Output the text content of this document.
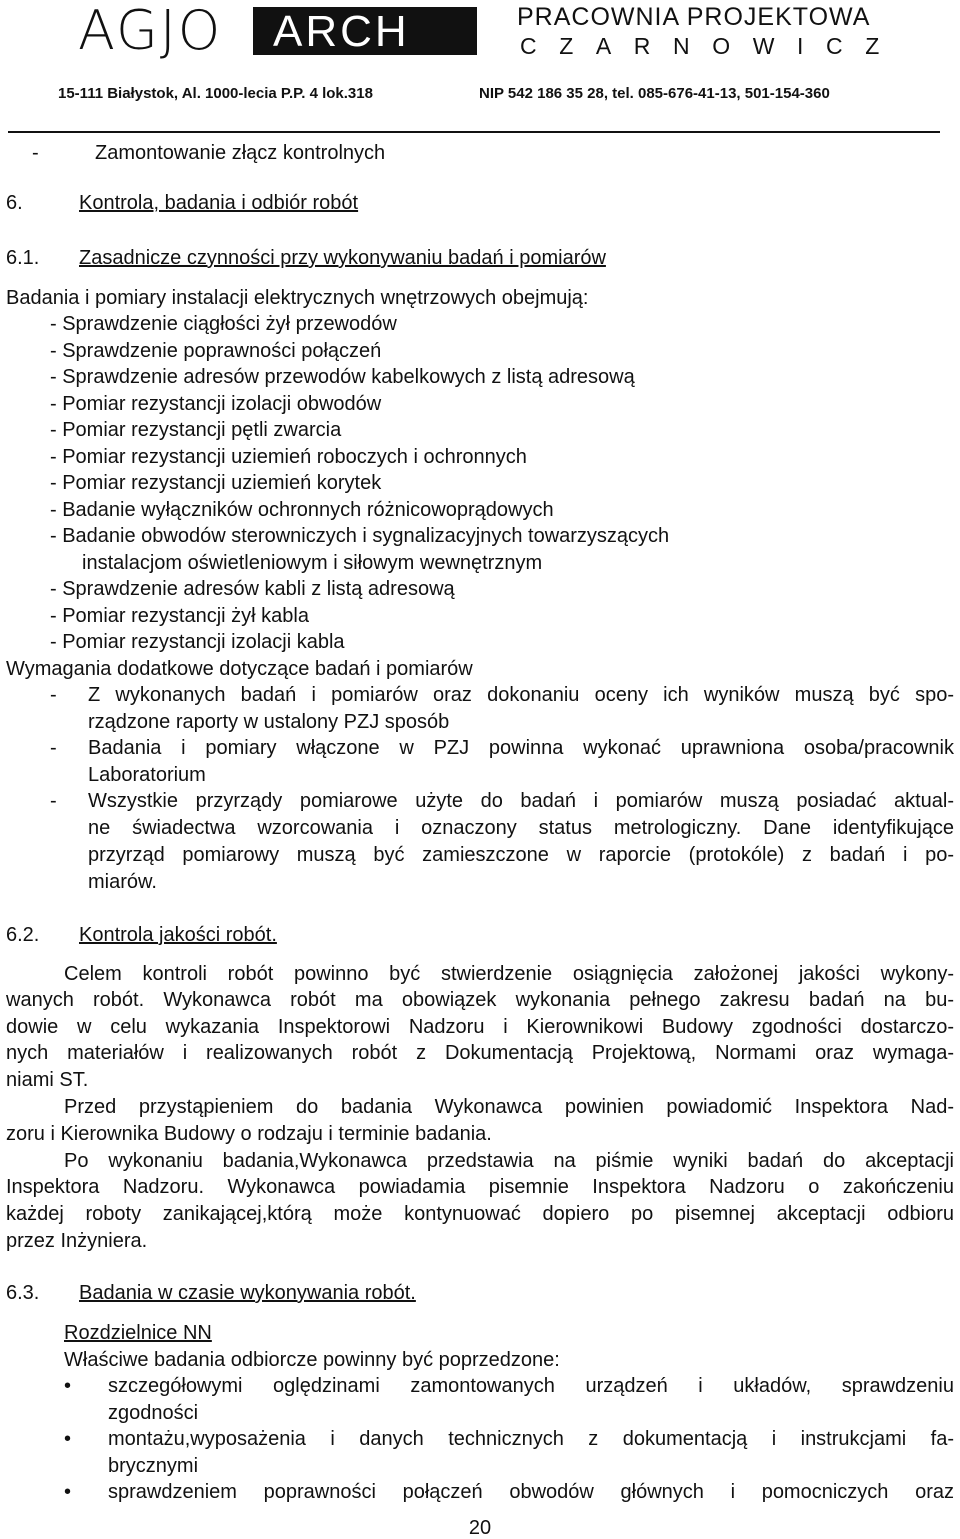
AGJO ARCH	PRACOWNIA PROJEKTOWA
CZARNOWICZ
15-111 Białystok, Al. 1000-lecia P.P. 4 lok.318	NIP 542 186 35 28, tel. 085-676-41-13, 501-154-360
-	Zamontowanie złącz kontrolnych
6.	Kontrola, badania i odbiór robót
6.1. Zasadnicze czynności przy wykonywaniu badań i pomiarów
Badania i pomiary instalacji elektrycznych wnętrzowych obejmują:
- Sprawdzenie ciągłości żył przewodów
- Sprawdzenie poprawności połączeń
- Sprawdzenie adresów przewodów kabelkowych z listą adresową
- Pomiar rezystancji izolacji obwodów
- Pomiar rezystancji pętli zwarcia
- Pomiar rezystancji uziemień roboczych i ochronnych
- Pomiar rezystancji uziemień korytek
- Badanie wyłączników ochronnych różnicowoprądowych
- Badanie obwodów sterowniczych i sygnalizacyjnych towarzyszących
instalacjom oświetleniowym i siłowym wewnętrznym
- Sprawdzenie adresów kabli z listą adresową
- Pomiar rezystancji żył kabla
- Pomiar rezystancji izolacji kabla
Wymagania dodatkowe dotyczące badań i pomiarów
- Z wykonanych badań i pomiarów oraz dokonaniu oceny ich wyników muszą być spo-
rządzone raporty w ustalony PZJ sposób
- Badania i pomiary włączone w PZJ powinna wykonać uprawniona osoba/pracownik
Laboratorium
- Wszystkie przyrządy pomiarowe użyte do badań i pomiarów muszą posiadać aktual-
ne świadectwa wzorcowania i oznaczony status metrologiczny. Dane identyfikujące
przyrząd pomiarowy muszą być zamieszczone w raporcie (protokóle) z badań i po-
miarów.
6.2. Kontrola jakości robót.
Celem kontroli robót powinno być stwierdzenie osiągnięcia założonej jakości wykony-
wanych robót. Wykonawca robót ma obowiązek wykonania pełnego zakresu badań na bu-
dowie w celu wykazania Inspektorowi Nadzoru i Kierownikowi Budowy zgodności dostarczo-
nych materiałów i realizowanych robót z Dokumentacją Projektową, Normami oraz wymaga-
niami ST.
Przed przystąpieniem do badania Wykonawca powinien powiadomić Inspektora Nad-
zoru i Kierownika Budowy o rodzaju i terminie badania.
Po wykonaniu badania,Wykonawca przedstawia na piśmie wyniki badań do akceptacji
Inspektora Nadzoru. Wykonawca powiadamia pisemnie Inspektora Nadzoru o zakończeniu
każdej roboty zanikającej,którą może kontynuować dopiero po pisemnej akceptacji odbioru
przez Inżyniera.
6.3. Badania w czasie wykonywania robót.
Rozdzielnice NN
Właściwe badania odbiorcze powinny być poprzedzone:
• szczegółowymi oględzinami zamontowanych urządzeń i układów, sprawdzeniu
zgodności
• montażu,wyposażenia i danych technicznych z dokumentacją i instrukcjami fa-
brycznymi
• sprawdzeniem poprawności połączeń obwodów głównych i pomocniczych oraz
20
